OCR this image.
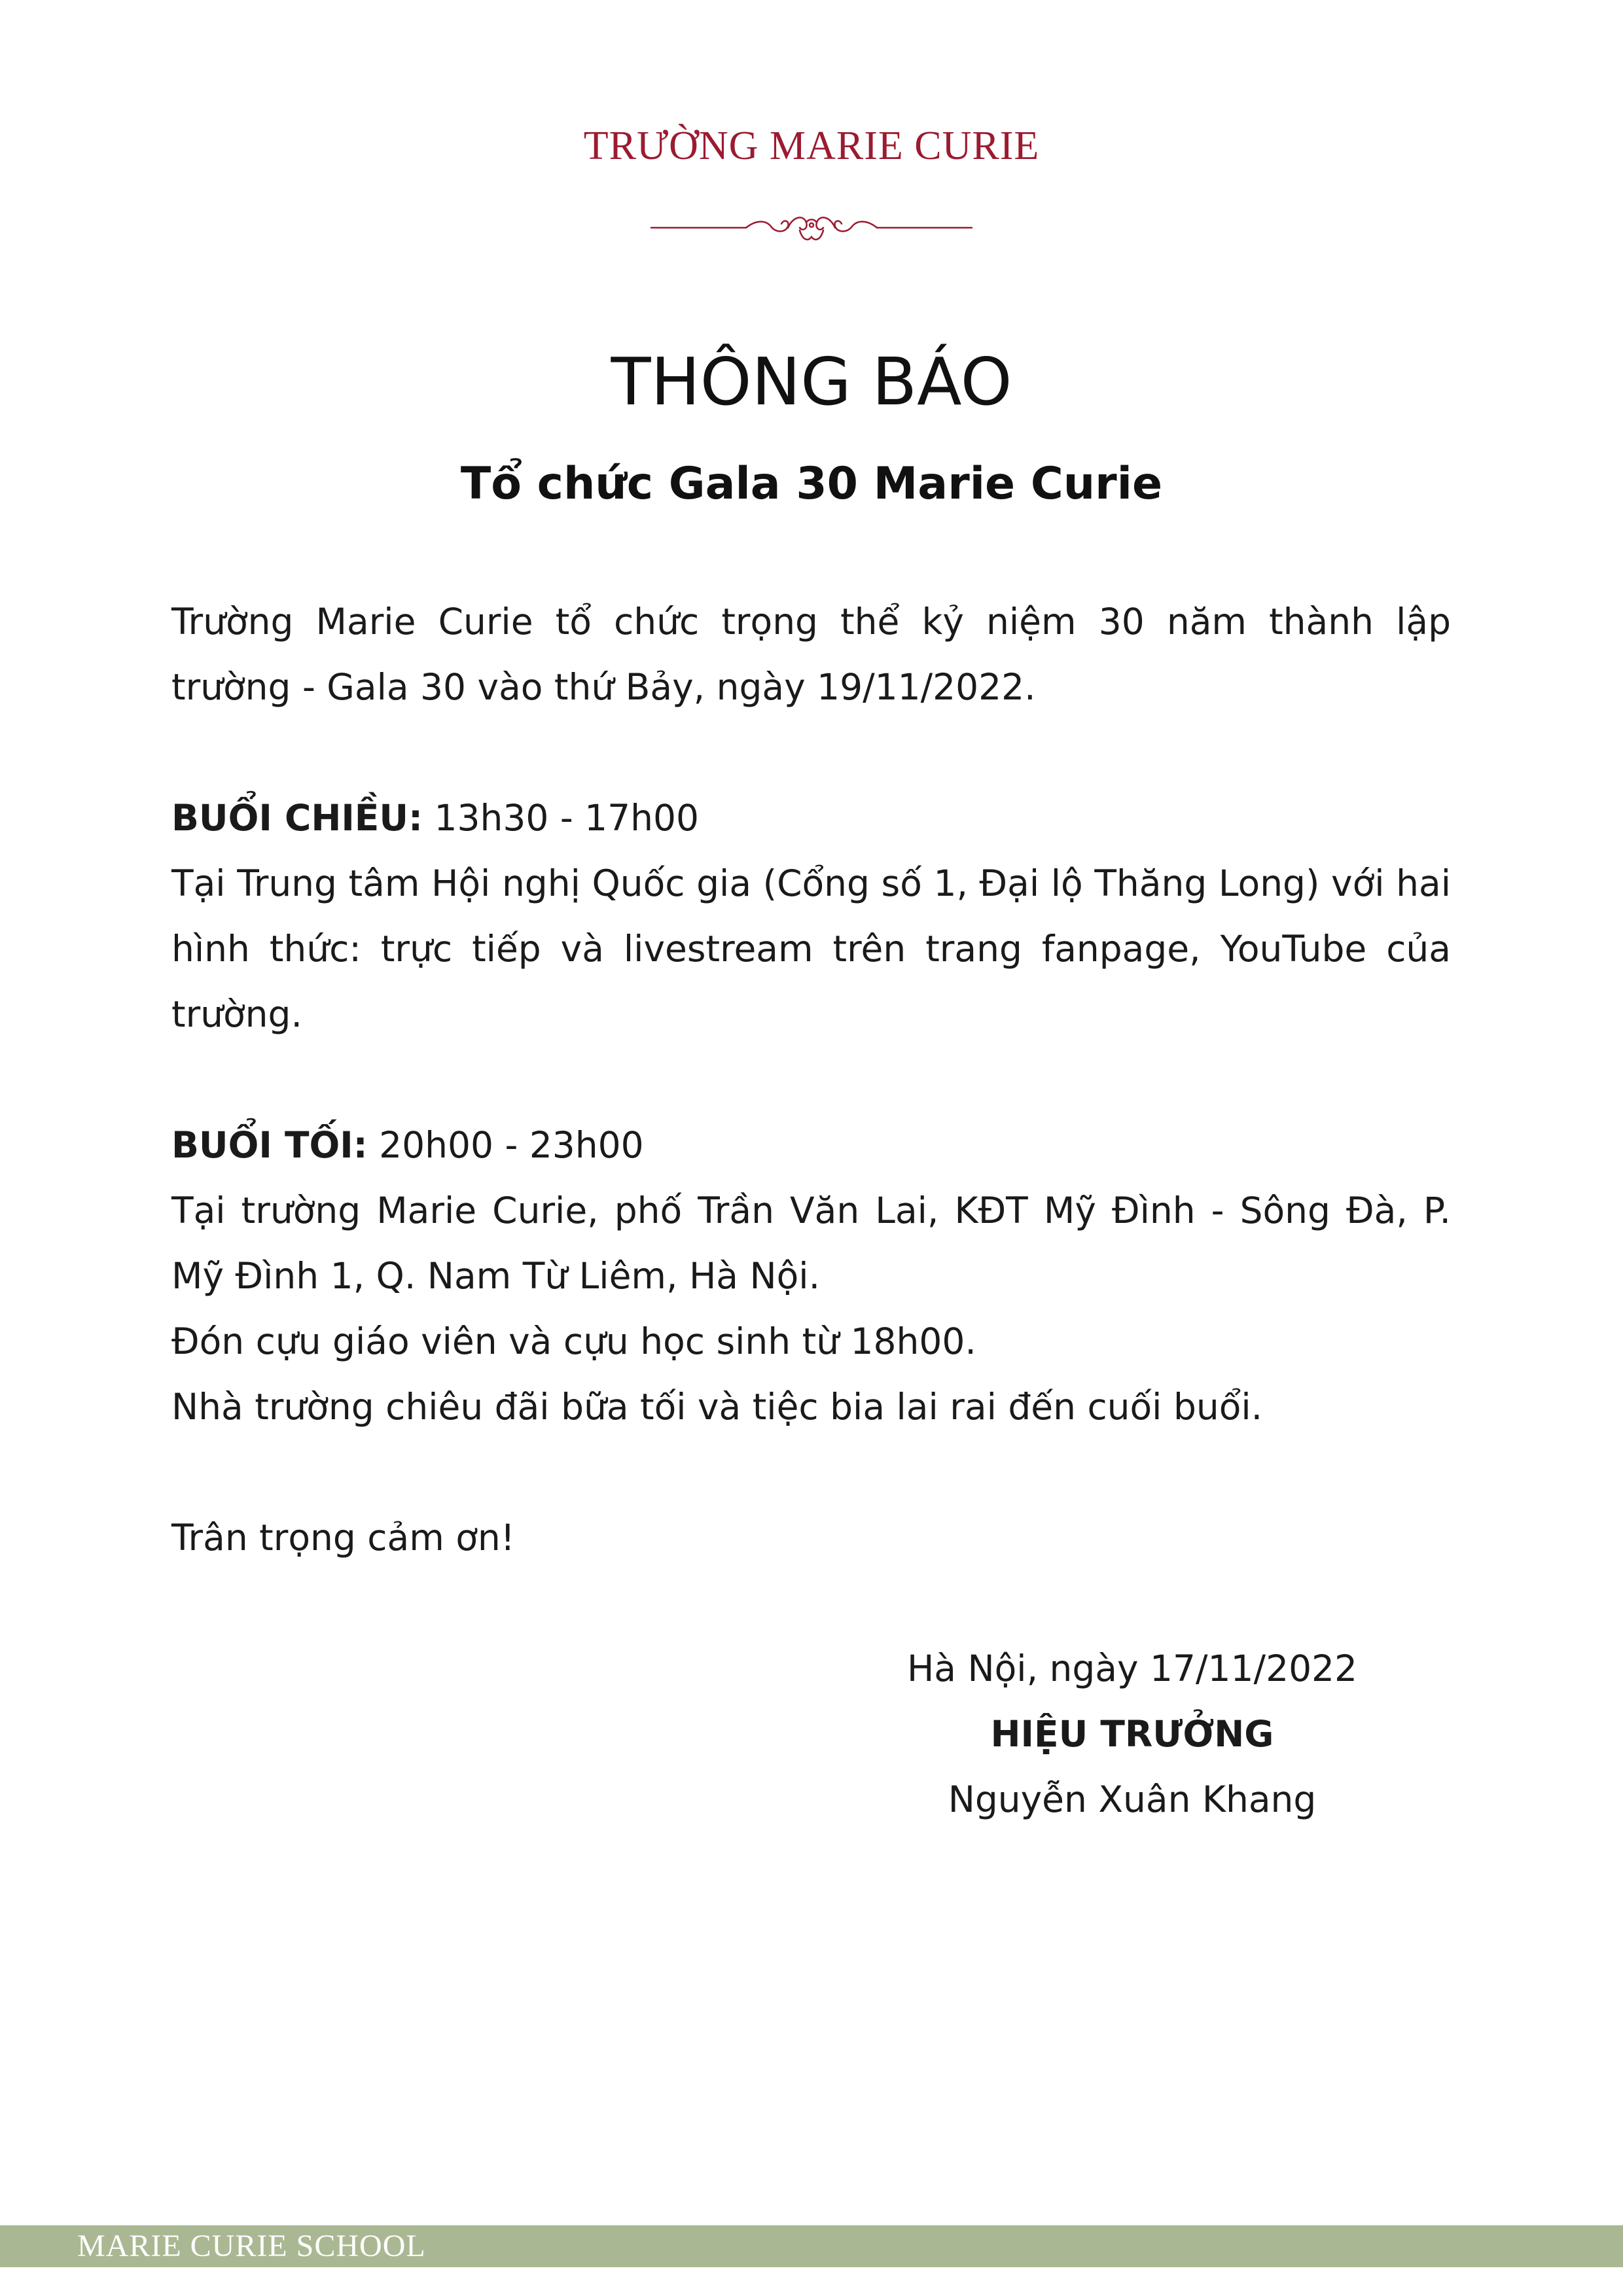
TRƯỜNG MARIE CURIE
THÔNG BÁO
Tổ chức Gala 30 Marie Curie

Trường Marie Curie tổ chức trọng thể kỷ niệm 30 năm thành lập trường - Gala 30 vào thứ Bảy, ngày 19/11/2022.

BUỔI CHIỀU: 13h30 - 17h00
Tại Trung tâm Hội nghị Quốc gia (Cổng số 1, Đại lộ Thăng Long) với hai hình thức: trực tiếp và livestream trên trang fanpage, YouTube của trường.
BUỔI TỐI: 20h00 - 23h00
Tại trường Marie Curie, phố Trần Văn Lai, KĐT Mỹ Đình - Sông Đà, P. Mỹ Đình 1, Q. Nam Từ Liêm, Hà Nội.
Đón cựu giáo viên và cựu học sinh từ 18h00.
Nhà trường chiêu đãi bữa tối và tiệc bia lai rai đến cuối buổi.

Trân trọng cảm ơn!

Hà Nội, ngày 17/11/2022
HIỆU TRƯỞNG
Nguyễn Xuân Khang
MARIE CURIE SCHOOL
